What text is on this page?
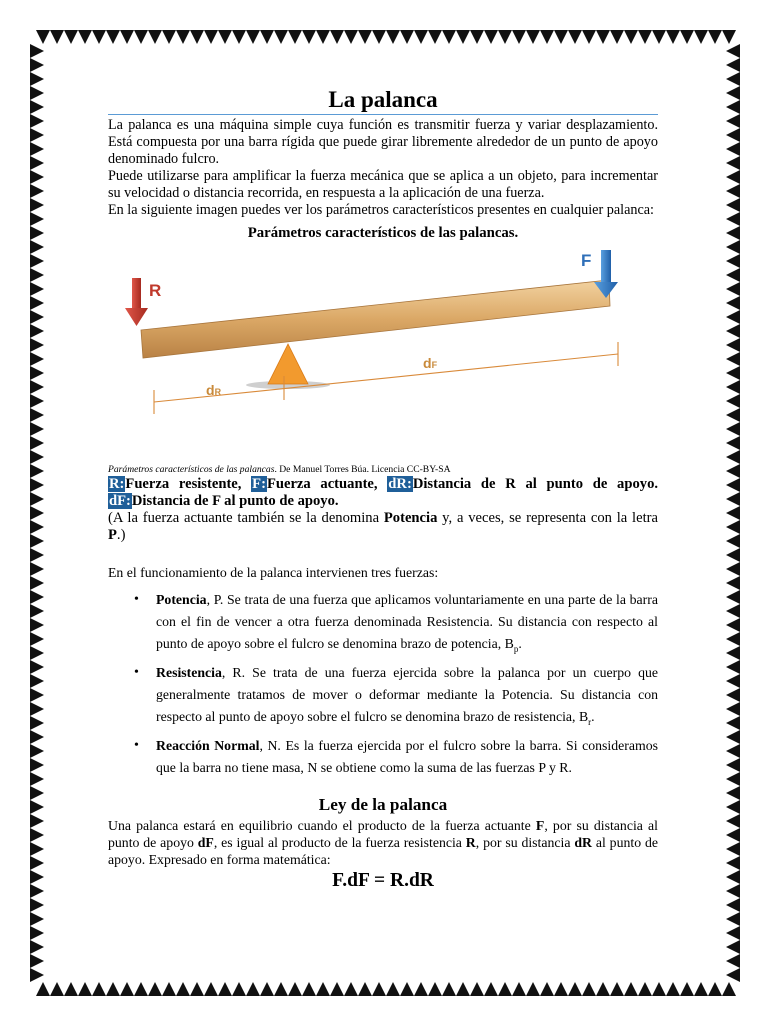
La palanca

La palanca es una máquina simple cuya función es transmitir fuerza y variar desplazamiento. Está compuesta por una barra rígida que puede girar libremente alrededor de un punto de apoyo denominado fulcro.

Puede utilizarse para amplificar la fuerza mecánica que se aplica a un objeto, para incrementar su velocidad o distancia recorrida, en respuesta a la aplicación de una fuerza.

En la siguiente imagen puedes ver los parámetros característicos presentes en cualquier palanca:

Parámetros característicos de las palancas.

R
F
dR
dF

Parámetros característicos de las palancas. De Manuel Torres Búa. Licencia CC-BY-SA

R:Fuerza resistente, F:Fuerza actuante, dR:Distancia de R al punto de apoyo. dF:Distancia de F al punto de apoyo.

(A la fuerza actuante también se la denomina Potencia y, a veces, se representa con la letra P.)

En el funcionamiento de la palanca intervienen tres fuerzas:

• Potencia, P. Se trata de una fuerza que aplicamos voluntariamente en una parte de la barra con el fin de vencer a otra fuerza denominada Resistencia. Su distancia con respecto al punto de apoyo sobre el fulcro se denomina brazo de potencia, $B_p$.
• Resistencia, R. Se trata de una fuerza ejercida sobre la palanca por un cuerpo que generalmente tratamos de mover o deformar mediante la Potencia. Su distancia con respecto al punto de apoyo sobre el fulcro se denomina brazo de resistencia, $B_r$.
• Reacción Normal, N. Es la fuerza ejercida por el fulcro sobre la barra. Si consideramos que la barra no tiene masa, N se obtiene como la suma de las fuerzas P y R.
Ley de la palanca

Una palanca estará en equilibrio cuando el producto de la fuerza actuante F, por su distancia al punto de apoyo dF, es igual al producto de la fuerza resistencia R, por su distancia dR al punto de apoyo. Expresado en forma matemática:

F.dF = R.dR
